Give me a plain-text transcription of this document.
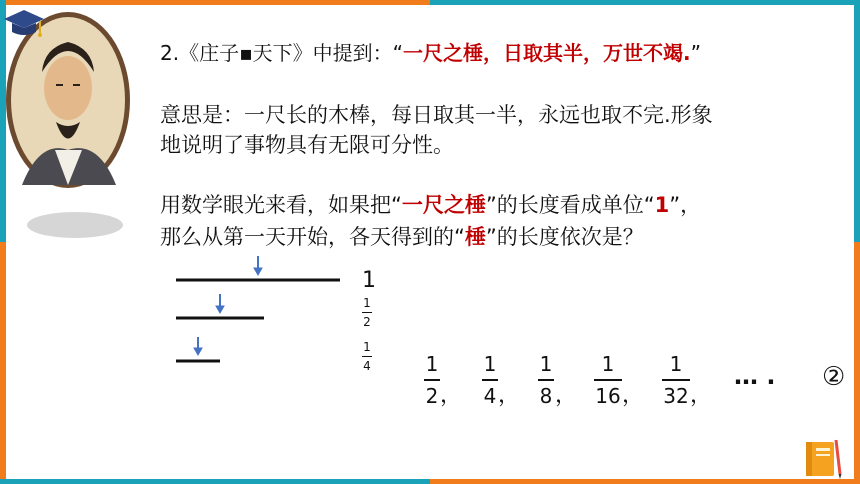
2.《庄子▪天下》中提到：“一尺之棰，日取其半，万世不竭.”
意思是：一尺长的木棒，每日取其一半，永远也取不完.形象
地说明了事物具有无限可分性。
用数学眼光来看，如果把“一尺之棰”的长度看成单位“1”，
那么从第一天开始，各天得到的“棰”的长度依次是？
1
1
2
1
4	1
2 ，
1
4 ，
1
8 ，
1
16 ，
1
32 ，
… . ②
